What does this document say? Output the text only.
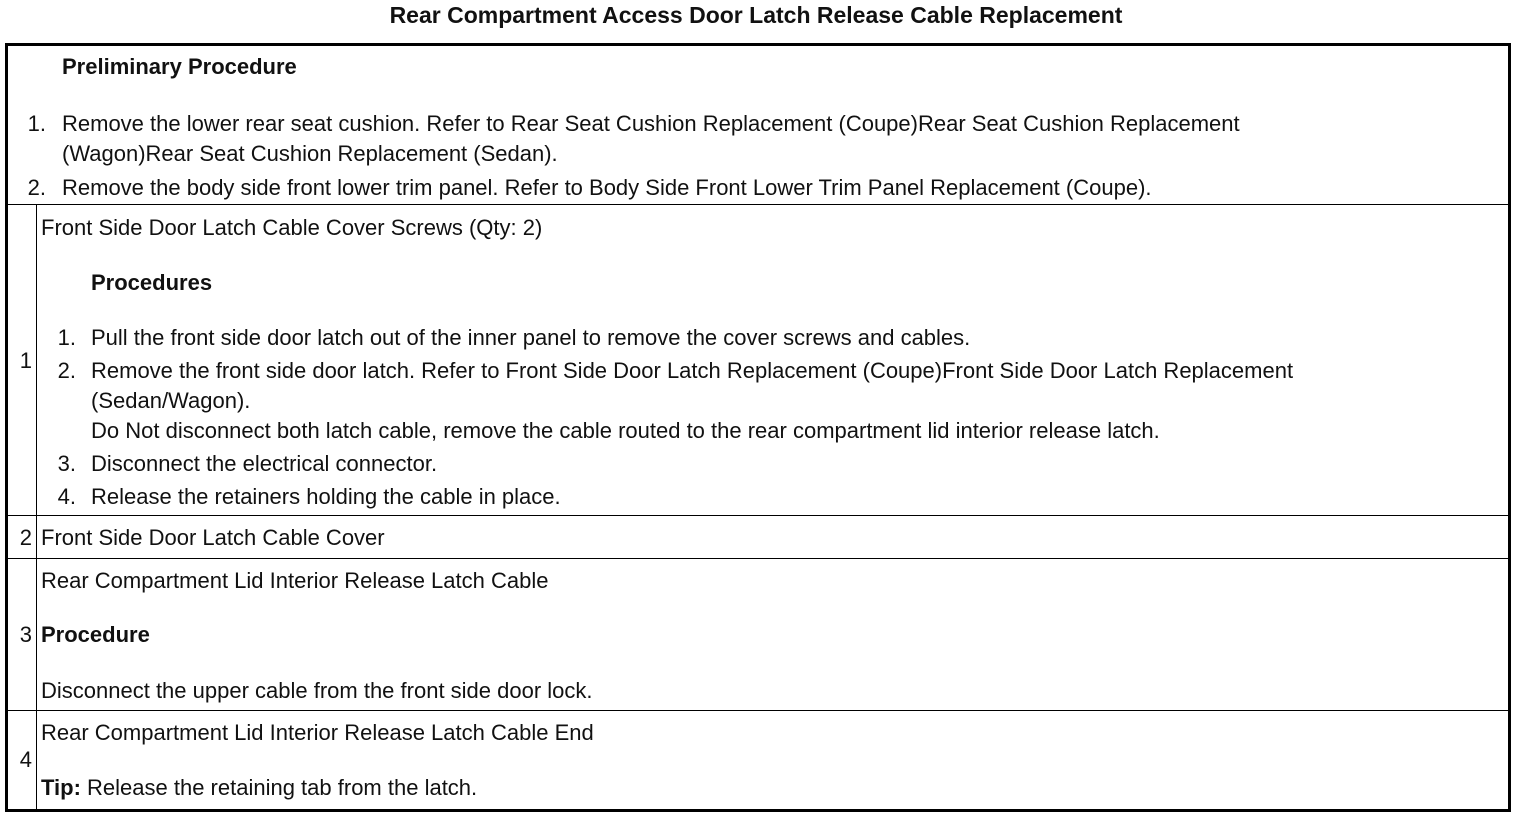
Rear Compartment Access Door Latch Release Cable Replacement
Preliminary Procedure
1. Remove the lower rear seat cushion. Refer to Rear Seat Cushion Replacement (Coupe)Rear Seat Cushion Replacement
(Wagon)Rear Seat Cushion Replacement (Sedan).
2. Remove the body side front lower trim panel. Refer to Body Side Front Lower Trim Panel Replacement (Coupe).
1
Front Side Door Latch Cable Cover Screws (Qty: 2)
Procedures
1. Pull the front side door latch out of the inner panel to remove the cover screws and cables.
2. Remove the front side door latch. Refer to Front Side Door Latch Replacement (Coupe)Front Side Door Latch Replacement
(Sedan/Wagon).
Do Not disconnect both latch cable, remove the cable routed to the rear compartment lid interior release latch.
3. Disconnect the electrical connector.
4. Release the retainers holding the cable in place.
2 Front Side Door Latch Cable Cover
3
Rear Compartment Lid Interior Release Latch Cable
Procedure
Disconnect the upper cable from the front side door lock.
4
Rear Compartment Lid Interior Release Latch Cable End
Tip: Release the retaining tab from the latch.
